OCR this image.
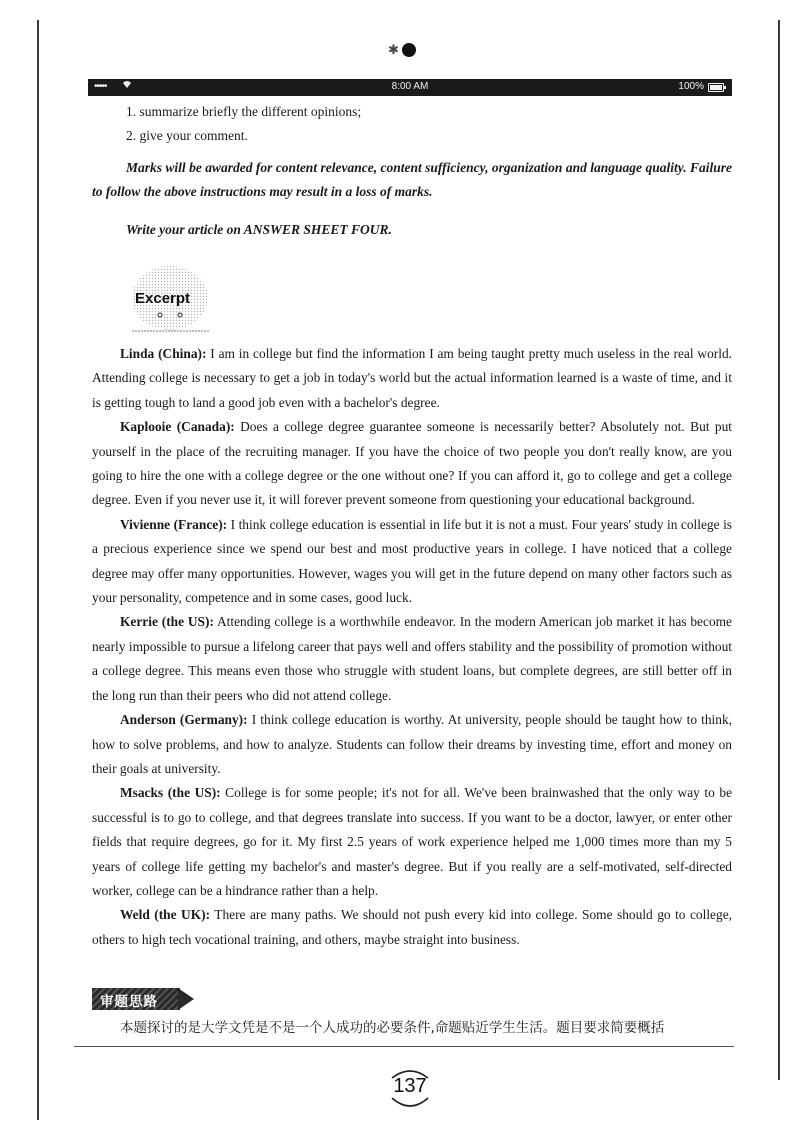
✱
•••••	8:00 AM	100%
1. summarize briefly the different opinions;
2. give your comment.

Marks will be awarded for content relevance, content sufficiency, organization and language quality. Failure to follow the above instructions may result in a loss of marks.

Write your article on ANSWER SHEET FOUR.

Excerpt

Linda (China): I am in college but find the information I am being taught pretty much useless in the real world. Attending college is necessary to get a job in today's world but the actual information learned is a waste of time, and it is getting tough to land a good job even with a bachelor's degree.

Kaplooie (Canada): Does a college degree guarantee someone is necessarily better? Absolutely not. But put yourself in the place of the recruiting manager. If you have the choice of two people you don't really know, are you going to hire the one with a college degree or the one without one? If you can afford it, go to college and get a college degree. Even if you never use it, it will forever prevent someone from questioning your educational background.

Vivienne (France): I think college education is essential in life but it is not a must. Four years' study in college is a precious experience since we spend our best and most productive years in college. I have noticed that a college degree may offer many opportunities. However, wages you will get in the future depend on many other factors such as your personality, competence and in some cases, good luck.

Kerrie (the US): Attending college is a worthwhile endeavor. In the modern American job market it has become nearly impossible to pursue a lifelong career that pays well and offers stability and the possibility of promotion without a college degree. This means even those who struggle with student loans, but complete degrees, are still better off in the long run than their peers who did not attend college.

Anderson (Germany): I think college education is worthy. At university, people should be taught how to think, how to solve problems, and how to analyze. Students can follow their dreams by investing time, effort and money on their goals at university.

Msacks (the US): College is for some people; it's not for all. We've been brainwashed that the only way to be successful is to go to college, and that degrees translate into success. If you want to be a doctor, lawyer, or enter other fields that require degrees, go for it. My first 2.5 years of work experience helped me 1,000 times more than my 5 years of college life getting my bachelor's and master's degree. But if you really are a self-motivated, self-directed worker, college can be a hindrance rather than a help.

Weld (the UK): There are many paths. We should not push every kid into college. Some should go to college, others to high tech vocational training, and others, maybe straight into business.

审题思路
本题探讨的是大学文凭是不是一个人成功的必要条件,命题贴近学生生活。题目要求简要概括
137
